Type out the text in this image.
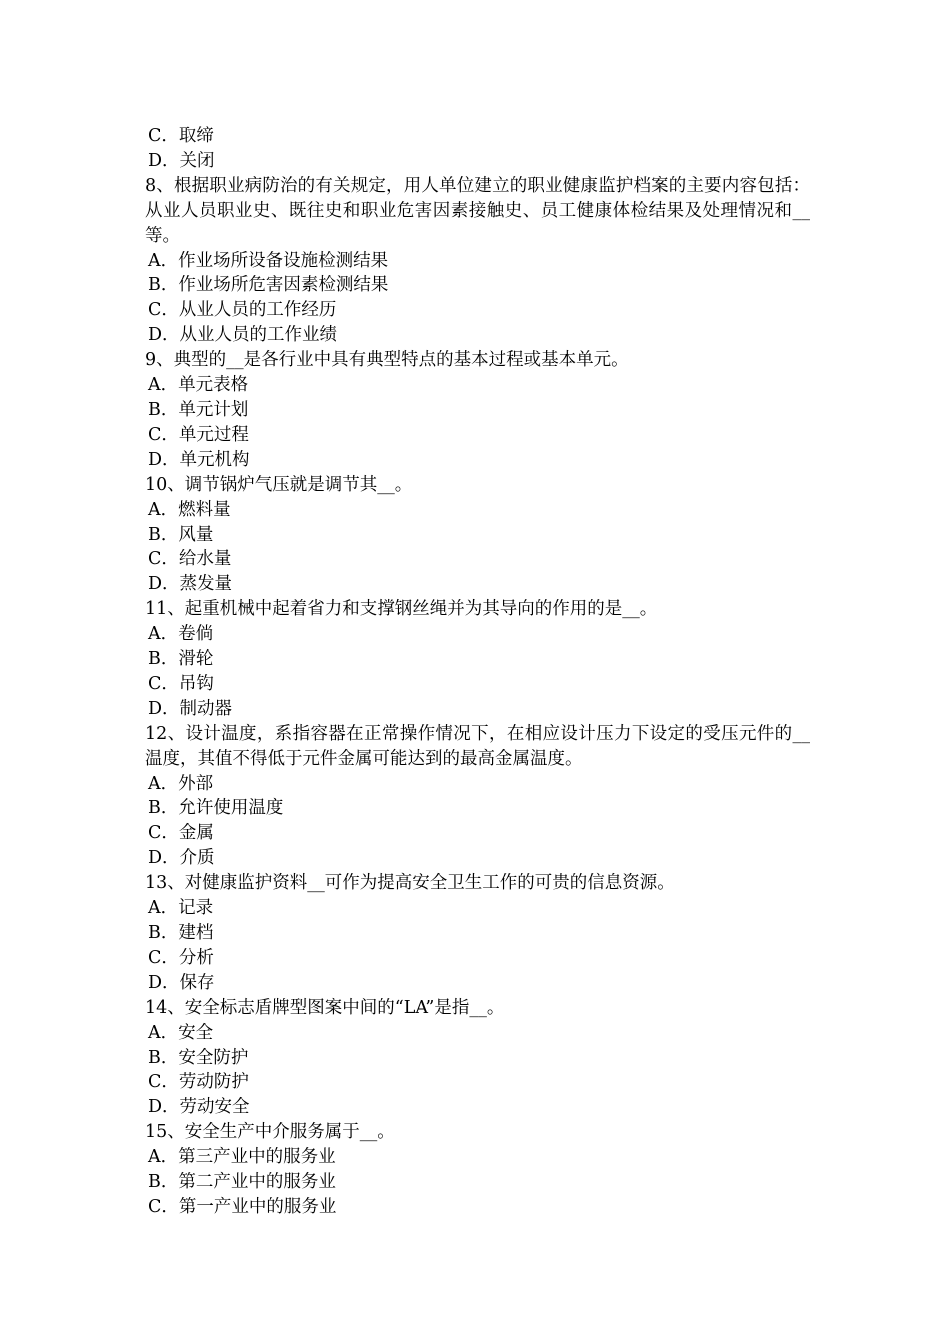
C．取缔
D．关闭
8、根据职业病防治的有关规定，用人单位建立的职业健康监护档案的主要内容包括：从业人员职业史、既往史和职业危害因素接触史、员工健康体检结果及处理情况和__等。
A．作业场所设备设施检测结果
B．作业场所危害因素检测结果
C．从业人员的工作经历
D．从业人员的工作业绩
9、典型的__是各行业中具有典型特点的基本过程或基本单元。
A．单元表格
B．单元计划
C．单元过程
D．单元机构
10、调节锅炉气压就是调节其__。
A．燃料量
B．风量
C．给水量
D．蒸发量
11、起重机械中起着省力和支撑钢丝绳并为其导向的作用的是__。
A．卷倘
B．滑轮
C．吊钩
D．制动器
12、设计温度，系指容器在正常操作情况下，在相应设计压力下设定的受压元件的__温度，其值不得低于元件金属可能达到的最高金属温度。
A．外部
B．允许使用温度
C．金属
D．介质
13、对健康监护资料__可作为提高安全卫生工作的可贵的信息资源。
A．记录
B．建档
C．分析
D．保存
14、安全标志盾牌型图案中间的“LA”是指__。
A．安全
B．安全防护
C．劳动防护
D．劳动安全
15、安全生产中介服务属于__。
A．第三产业中的服务业
B．第二产业中的服务业
C．第一产业中的服务业
